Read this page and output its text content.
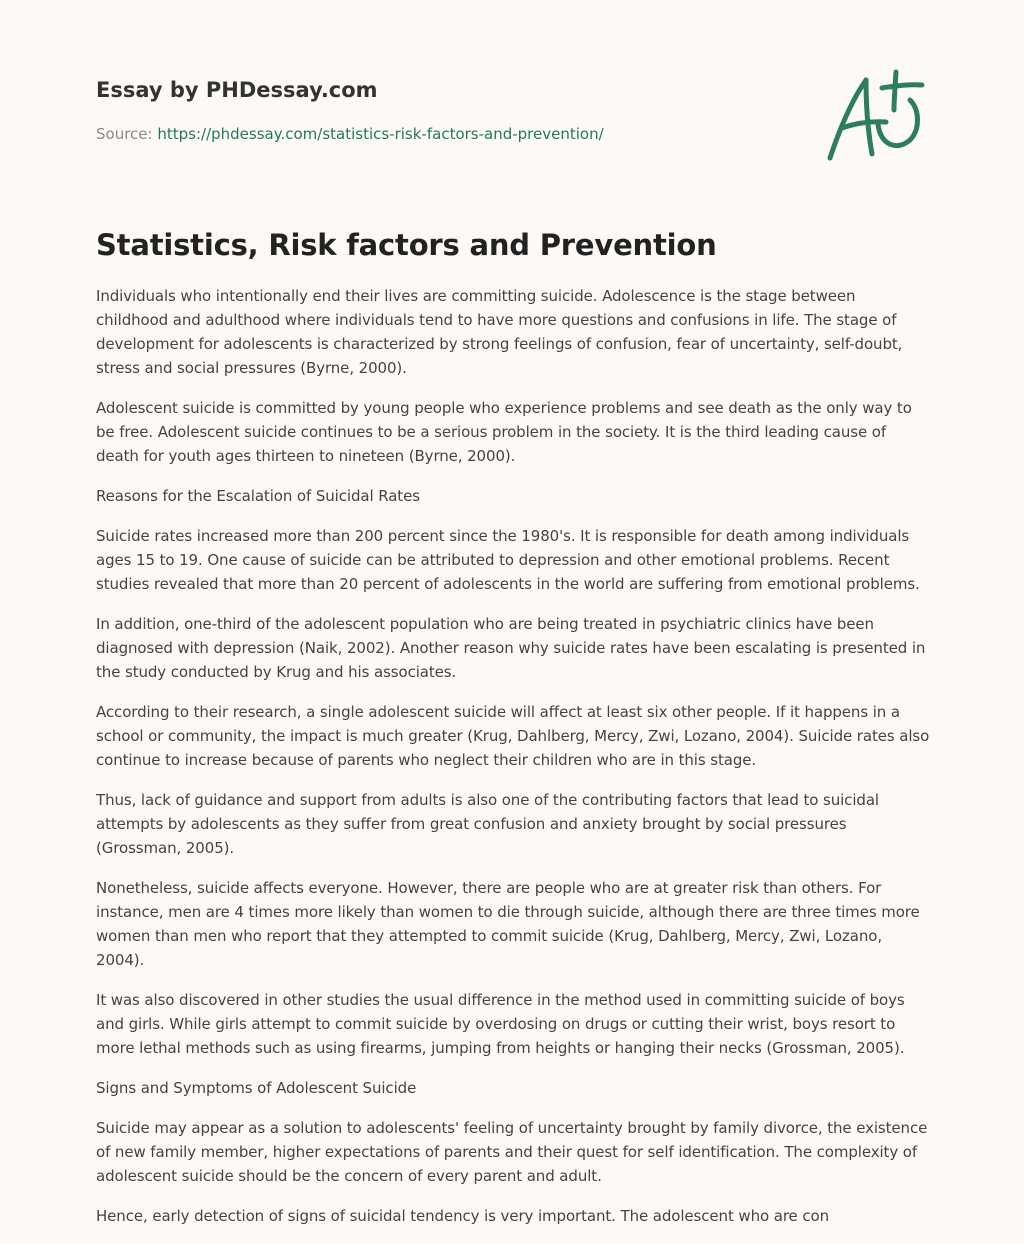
Essay by PHDessay.com

Source: https://phdessay.com/statistics-risk-factors-and-prevention/

Statistics, Risk factors and Prevention

Individuals who intentionally end their lives are committing suicide. Adolescence is the stage between childhood and adulthood where individuals tend to have more questions and confusions in life. The stage of development for adolescents is characterized by strong feelings of confusion, fear of uncertainty, self-doubt, stress and social pressures (Byrne, 2000).

Adolescent suicide is committed by young people who experience problems and see death as the only way to be free. Adolescent suicide continues to be a serious problem in the society. It is the third leading cause of death for youth ages thirteen to nineteen (Byrne, 2000).

Reasons for the Escalation of Suicidal Rates

Suicide rates increased more than 200 percent since the 1980's. It is responsible for death among individuals ages 15 to 19. One cause of suicide can be attributed to depression and other emotional problems. Recent studies revealed that more than 20 percent of adolescents in the world are suffering from emotional problems.

In addition, one-third of the adolescent population who are being treated in psychiatric clinics have been diagnosed with depression (Naik, 2002). Another reason why suicide rates have been escalating is presented in the study conducted by Krug and his associates.

According to their research, a single adolescent suicide will affect at least six other people. If it happens in a school or community, the impact is much greater (Krug, Dahlberg, Mercy, Zwi, Lozano, 2004). Suicide rates also continue to increase because of parents who neglect their children who are in this stage.

Thus, lack of guidance and support from adults is also one of the contributing factors that lead to suicidal attempts by adolescents as they suffer from great confusion and anxiety brought by social pressures (Grossman, 2005).

Nonetheless, suicide affects everyone. However, there are people who are at greater risk than others. For instance, men are 4 times more likely than women to die through suicide, although there are three times more women than men who report that they attempted to commit suicide (Krug, Dahlberg, Mercy, Zwi, Lozano, 2004).

It was also discovered in other studies the usual difference in the method used in committing suicide of boys and girls. While girls attempt to commit suicide by overdosing on drugs or cutting their wrist, boys resort to more lethal methods such as using firearms, jumping from heights or hanging their necks (Grossman, 2005).

Signs and Symptoms of Adolescent Suicide

Suicide may appear as a solution to adolescents' feeling of uncertainty brought by family divorce, the existence of new family member, higher expectations of parents and their quest for self identification. The complexity of adolescent suicide should be the concern of every parent and adult.

Hence, early detection of signs of suicidal tendency is very important. The adolescent who are con
